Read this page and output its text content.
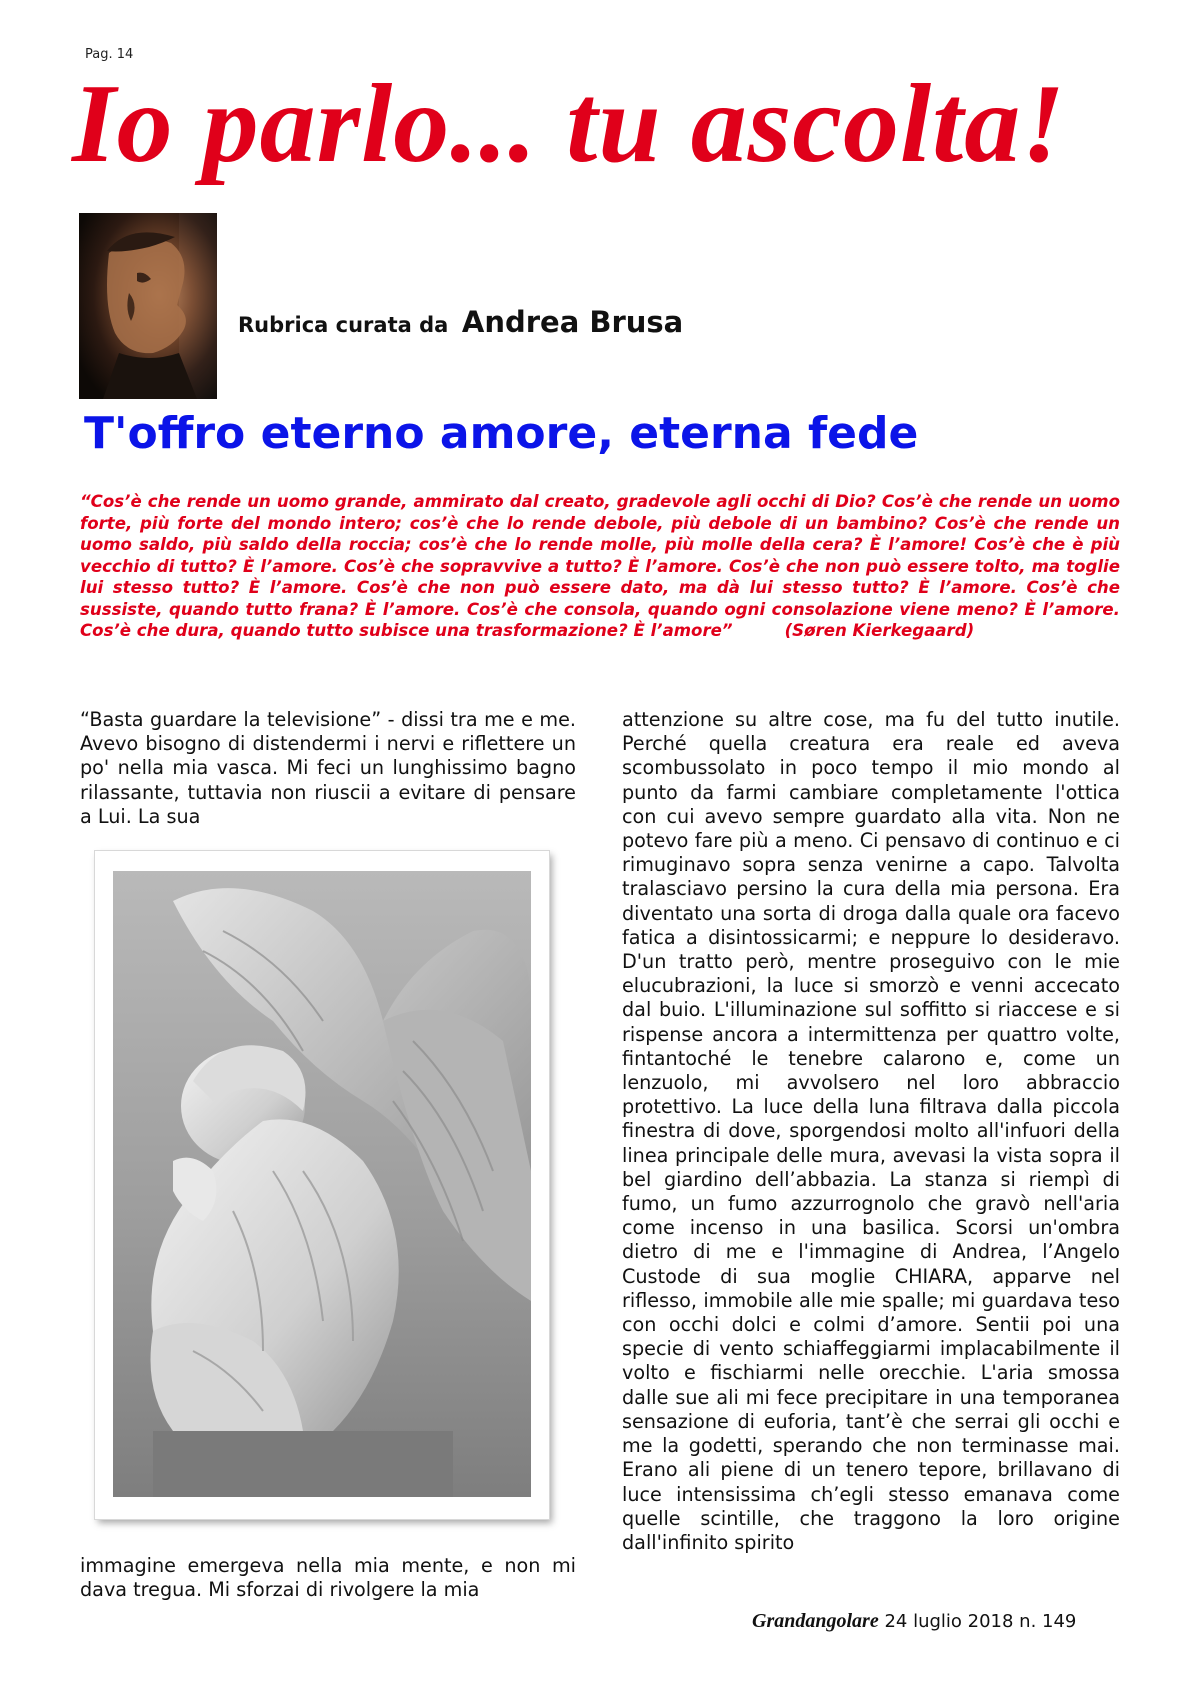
Pag. 14
Io parlo... tu ascolta!
Rubrica curata da Andrea Brusa
T'offro eterno amore, eterna fede

“Cos’è che rende un uomo grande, ammirato dal creato, gradevole agli occhi di Dio? Cos’è che rende un uomo forte, più forte del mondo intero; cos’è che lo rende debole, più debole di un bambino? Cos’è che rende un uomo saldo, più saldo della roccia; cos’è che lo rende molle, più molle della cera? È l’amore! Cos’è che è più vecchio di tutto? È l’amore. Cos’è che sopravvive a tutto? È l’amore. Cos’è che non può essere tolto, ma toglie lui stesso tutto? È l’amore. Cos’è che non può essere dato, ma dà lui stesso tutto? È l’amore. Cos’è che sussiste, quando tutto frana? È l’amore. Cos’è che consola, quando ogni consolazione viene meno? È l’amore. Cos’è che dura, quando tutto subisce una trasformazione? È l’amore”	(Søren Kierkegaard)

“Basta guardare la televisione” - dissi tra me e me. Avevo bisogno di distendermi i nervi e riflettere un po' nella mia vasca. Mi feci un lunghissimo bagno rilassante, tuttavia non riuscii a evitare di pensare a Lui. La sua

immagine emergeva nella mia mente, e non mi dava tregua. Mi sforzai di rivolgere la mia

attenzione su altre cose, ma fu del tutto inutile. Perché quella creatura era reale ed aveva scombussolato in poco tempo il mio mondo al punto da farmi cambiare completamente l'ottica con cui avevo sempre guardato alla vita. Non ne potevo fare più a meno. Ci pensavo di continuo e ci rimuginavo sopra senza venirne a capo. Talvolta tralasciavo persino la cura della mia persona. Era diventato una sorta di droga dalla quale ora facevo fatica a disintossicarmi; e neppure lo desideravo. D'un tratto però, mentre proseguivo con le mie elucubrazioni, la luce si smorzò e venni accecato dal buio. L'illuminazione sul soffitto si riaccese e si rispense ancora a intermittenza per quattro volte, fintantoché le tenebre calarono e, come un lenzuolo, mi avvolsero nel loro abbraccio protettivo. La luce della luna filtrava dalla piccola finestra di dove, sporgendosi molto all'infuori della linea principale delle mura, avevasi la vista sopra il bel giardino dell’abbazia. La stanza si riempì di fumo, un fumo azzurrognolo che gravò nell'aria come incenso in una basilica. Scorsi un'ombra dietro di me e l'immagine di Andrea, l’Angelo Custode di sua moglie CHIARA, apparve nel riflesso, immobile alle mie spalle; mi guardava teso con occhi dolci e colmi d’amore. Sentii poi una specie di vento schiaffeggiarmi implacabilmente il volto e fischiarmi nelle orecchie. L'aria smossa dalle sue ali mi fece precipitare in una temporanea sensazione di euforia, tant’è che serrai gli occhi e me la godetti, sperando che non terminasse mai. Erano ali piene di un tenero tepore, brillavano di luce intensissima ch’egli stesso emanava come quelle scintille, che traggono la loro origine dall'infinito spirito

Grandangolare 24 luglio 2018 n. 149
